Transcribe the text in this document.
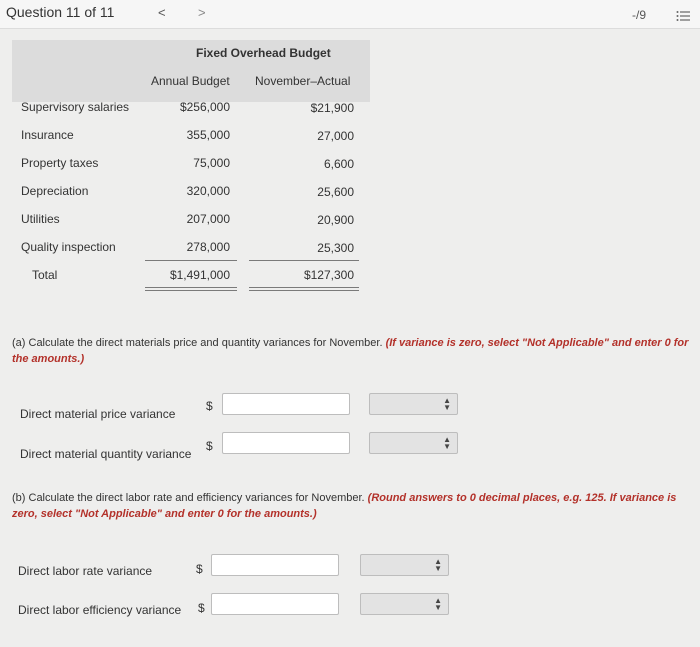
Question 11 of 11	< >	-/9
Fixed Overhead Budget
Annual Budget November–Actual
Supervisory salaries	$256,000	$21,900
Insurance	355,000	27,000
Property taxes	75,000	6,600
Depreciation	320,000	25,600
Utilities	207,000	20,900
Quality inspection	278,000	25,300
Total	$1,491,000	$127,300
(a) Calculate the direct materials price and quantity variances for November. (If variance is zero, select "Not Applicable" and enter 0 for the amounts.)
Direct material price variance
$	▲
▼
Direct material quantity variance
$	▲
▼
(b) Calculate the direct labor rate and efficiency variances for November. (Round answers to 0 decimal places, e.g. 125. If variance is zero, select "Not Applicable" and enter 0 for the amounts.)
Direct labor rate variance	$
▲
▼
Direct labor efficiency variance $
▲
▼
